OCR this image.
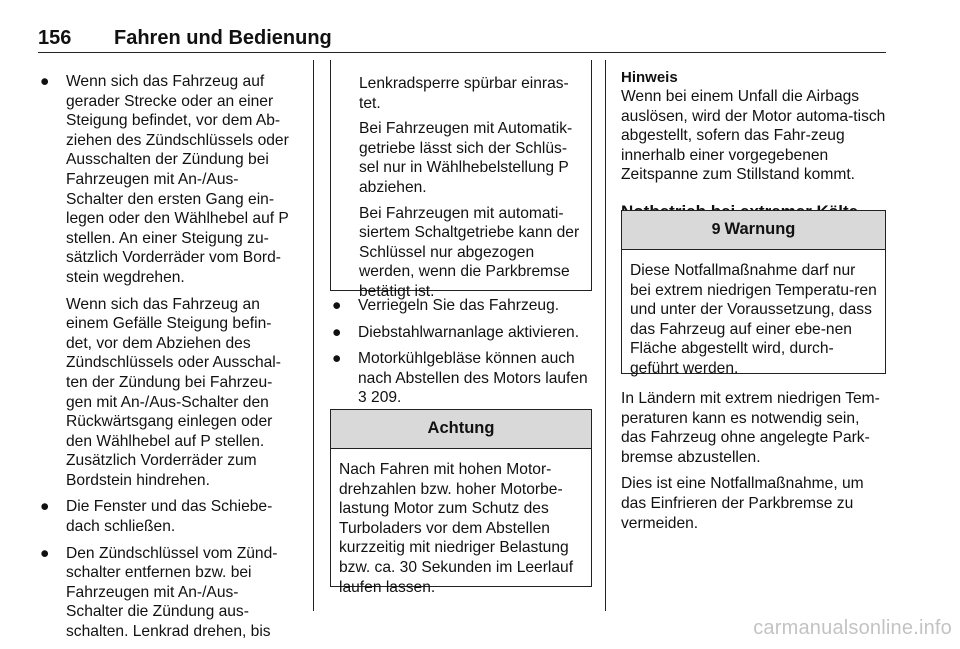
156 Fahren und Bedienung
● Wenn sich das Fahrzeug auf gerader Strecke oder an einer Steigung befindet, vor dem Ab-ziehen des Zündschlüssels oder Ausschalten der Zündung bei Fahrzeugen mit An-/Aus-Schalter den ersten Gang ein-legen oder den Wählhebel auf P stellen. An einer Steigung zu-sätzlich Vorderräder vom Bord-stein wegdrehen.

Wenn sich das Fahrzeug an einem Gefälle Steigung befin-det, vor dem Abziehen des Zündschlüssels oder Ausschal-ten der Zündung bei Fahrzeu-gen mit An-/Aus-Schalter den Rückwärtsgang einlegen oder den Wählhebel auf P stellen. Zusätzlich Vorderräder zum Bordstein hindrehen.

● Die Fenster und das Schiebe-dach schließen.

● Den Zündschlüssel vom Zünd-schalter entfernen bzw. bei Fahrzeugen mit An-/Aus-Schalter die Zündung aus-schalten. Lenkrad drehen, bis

Lenkradsperre spürbar einras-tet.

Bei Fahrzeugen mit Automatik-getriebe lässt sich der Schlüs-sel nur in Wählhebelstellung P abziehen.

Bei Fahrzeugen mit automati-siertem Schaltgetriebe kann der Schlüssel nur abgezogen werden, wenn die Parkbremse betätigt ist.

● Verriegeln Sie das Fahrzeug.
● Diebstahlwarnanlage aktivieren.
● Motorkühlgebläse können auch nach Abstellen des Motors laufen
3 209.
Achtung
Nach Fahren mit hohen Motor-drehzahlen bzw. hoher Motorbe-lastung Motor zum Schutz des Turboladers vor dem Abstellen kurzzeitig mit niedriger Belastung bzw. ca. 30 Sekunden im Leerlauf laufen lassen.
Hinweis

Wenn bei einem Unfall die Airbags auslösen, wird der Motor automa-tisch abgestellt, sofern das Fahr-zeug innerhalb einer vorgegebenen Zeitspanne zum Stillstand kommt.

9 Warnung
Diese Notfallmaßnahme darf nur bei extrem niedrigen Temperatu-ren und unter der Voraussetzung, dass das Fahrzeug auf einer ebe-nen Fläche abgestellt wird, durch-geführt werden.

In Ländern mit extrem niedrigen Tem-peraturen kann es notwendig sein, das Fahrzeug ohne angelegte Park-bremse abzustellen.

Dies ist eine Notfallmaßnahme, um das Einfrieren der Parkbremse zu vermeiden.

carmanualsonline.info
